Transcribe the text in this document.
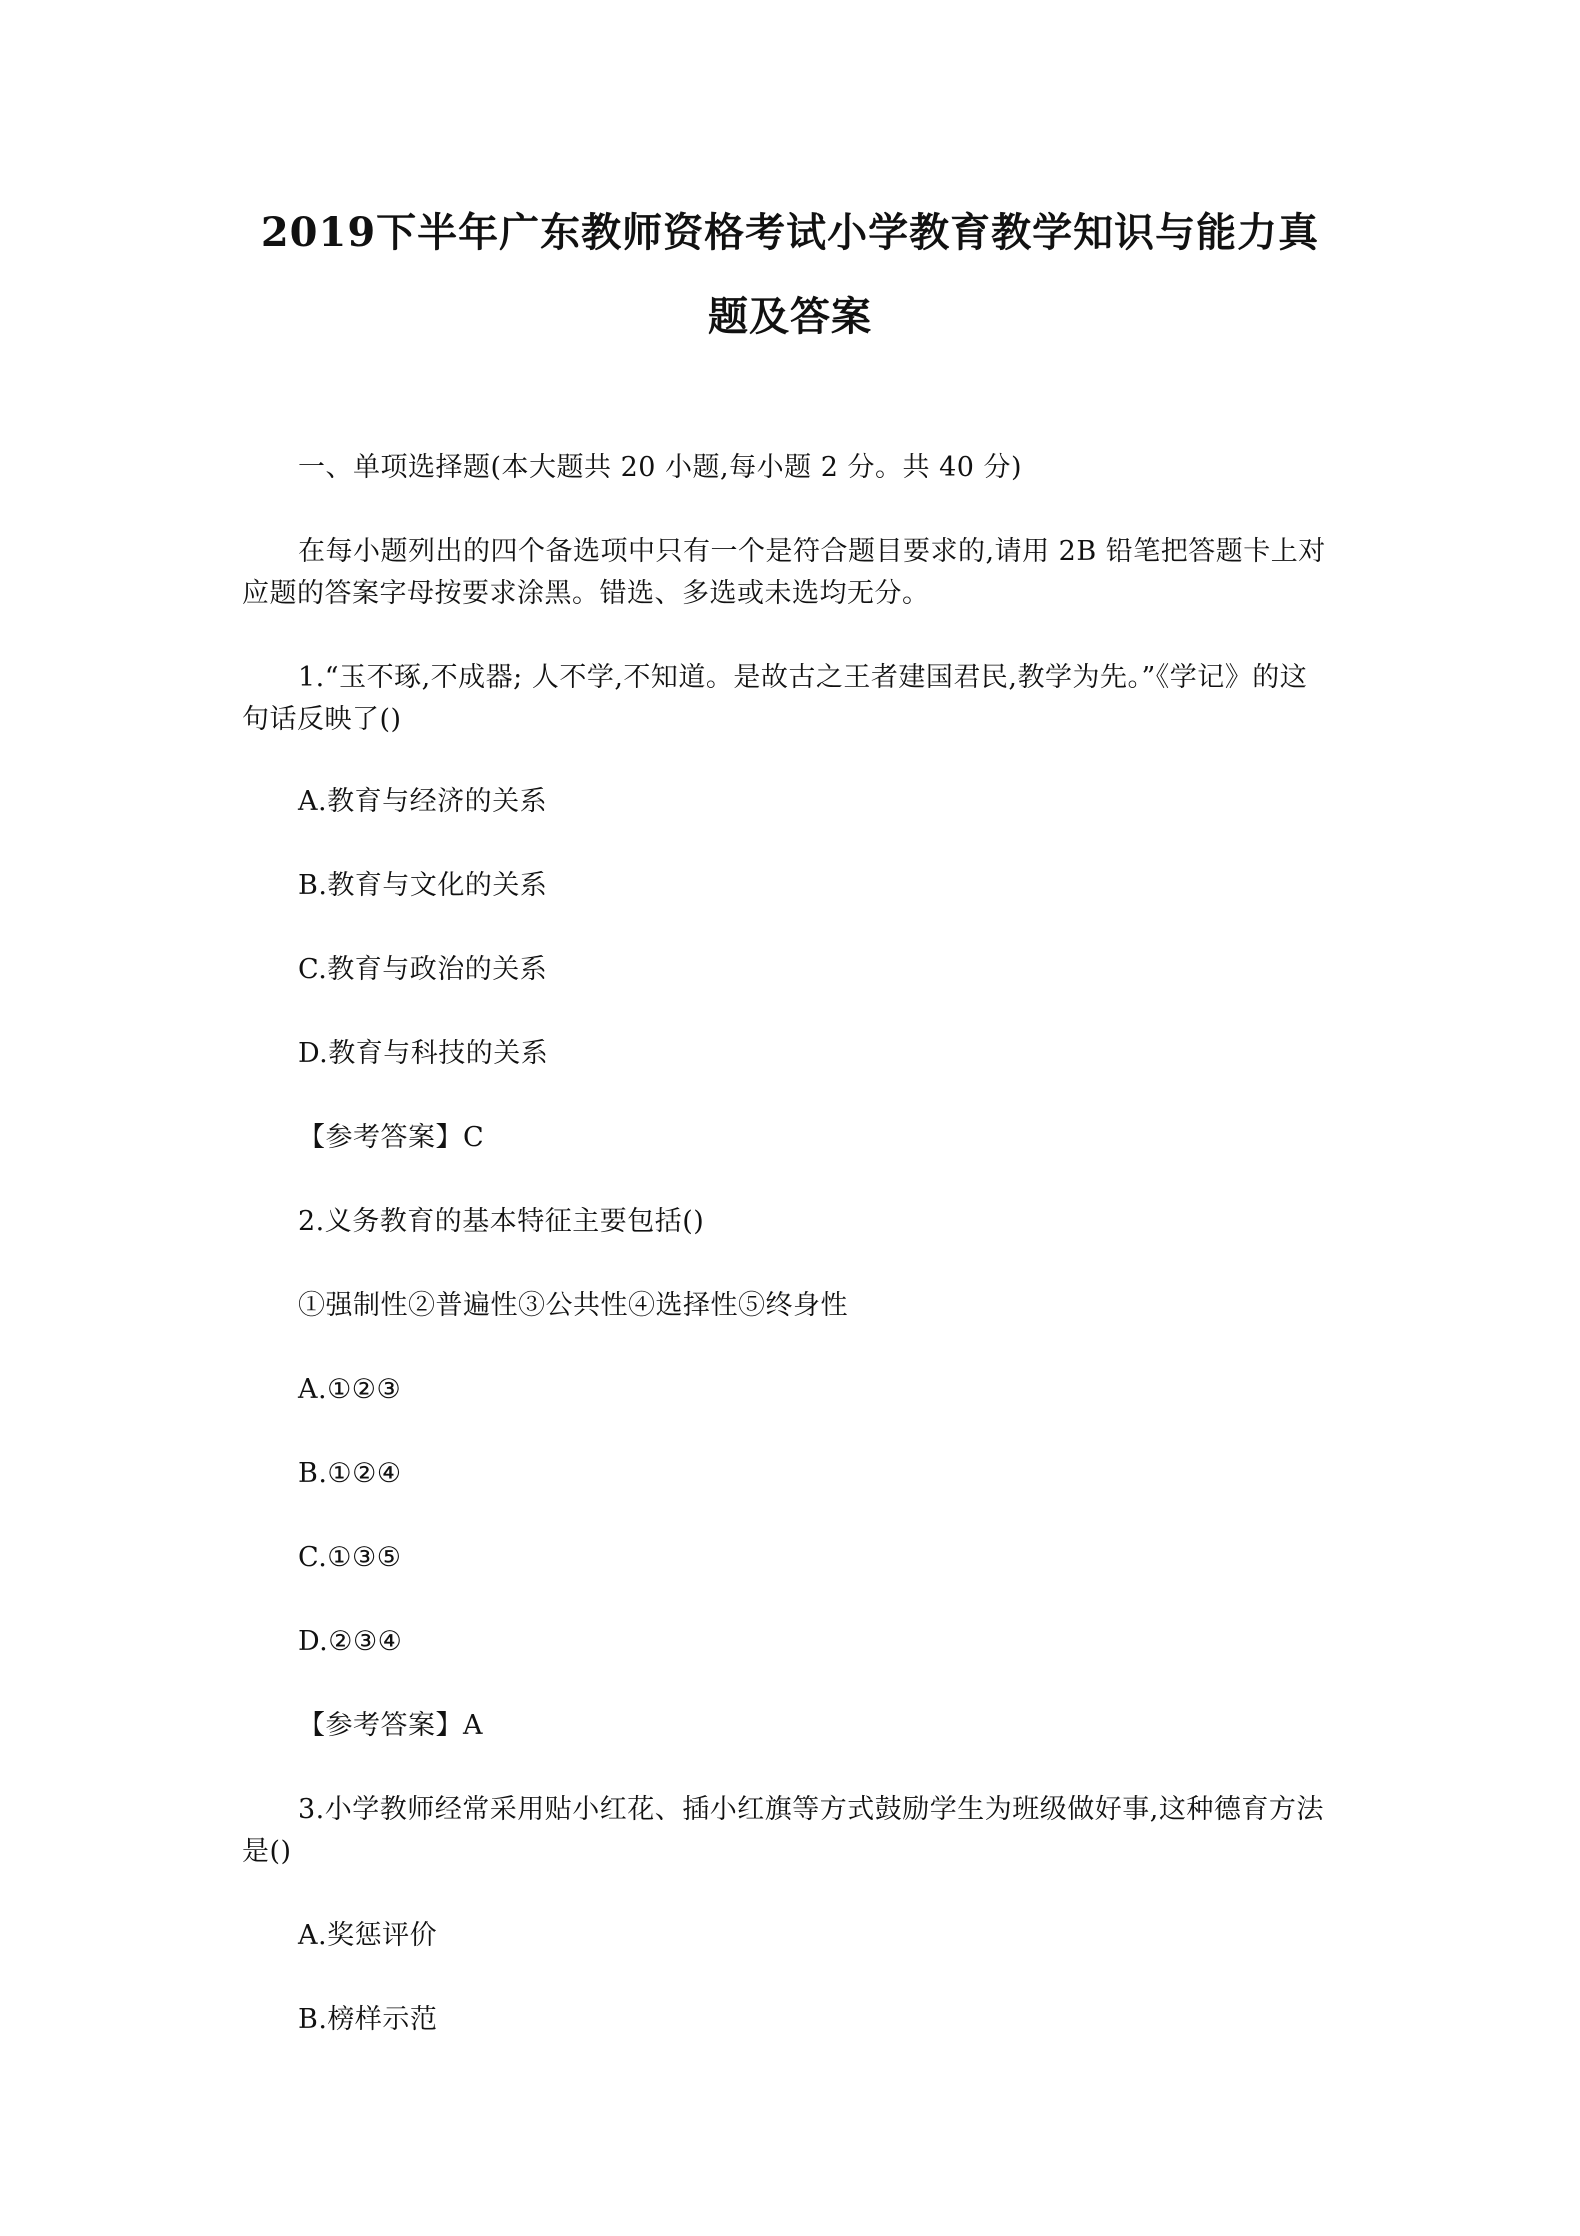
2019下半年广东教师资格考试小学教育教学知识与能力真
题及答案
一、单项选择题(本大题共 20 小题,每小题 2 分。共 40 分)
在每小题列出的四个备选项中只有一个是符合题目要求的,请用 2B 铅笔把答题卡上对
应题的答案字母按要求涂黑。错选、多选或未选均无分。
1.“玉不琢,不成器; 人不学,不知道。是故古之王者建国君民,教学为先。”《学记》的这
句话反映了()
A.教育与经济的关系
B.教育与文化的关系
C.教育与政治的关系
D.教育与科技的关系
【参考答案】C
2.义务教育的基本特征主要包括()
①强制性②普遍性③公共性④选择性⑤终身性
A.①②③
B.①②④
C.①③⑤
D.②③④
【参考答案】A
3.小学教师经常采用贴小红花、插小红旗等方式鼓励学生为班级做好事,这种德育方法
是()
A.奖惩评价
B.榜样示范
